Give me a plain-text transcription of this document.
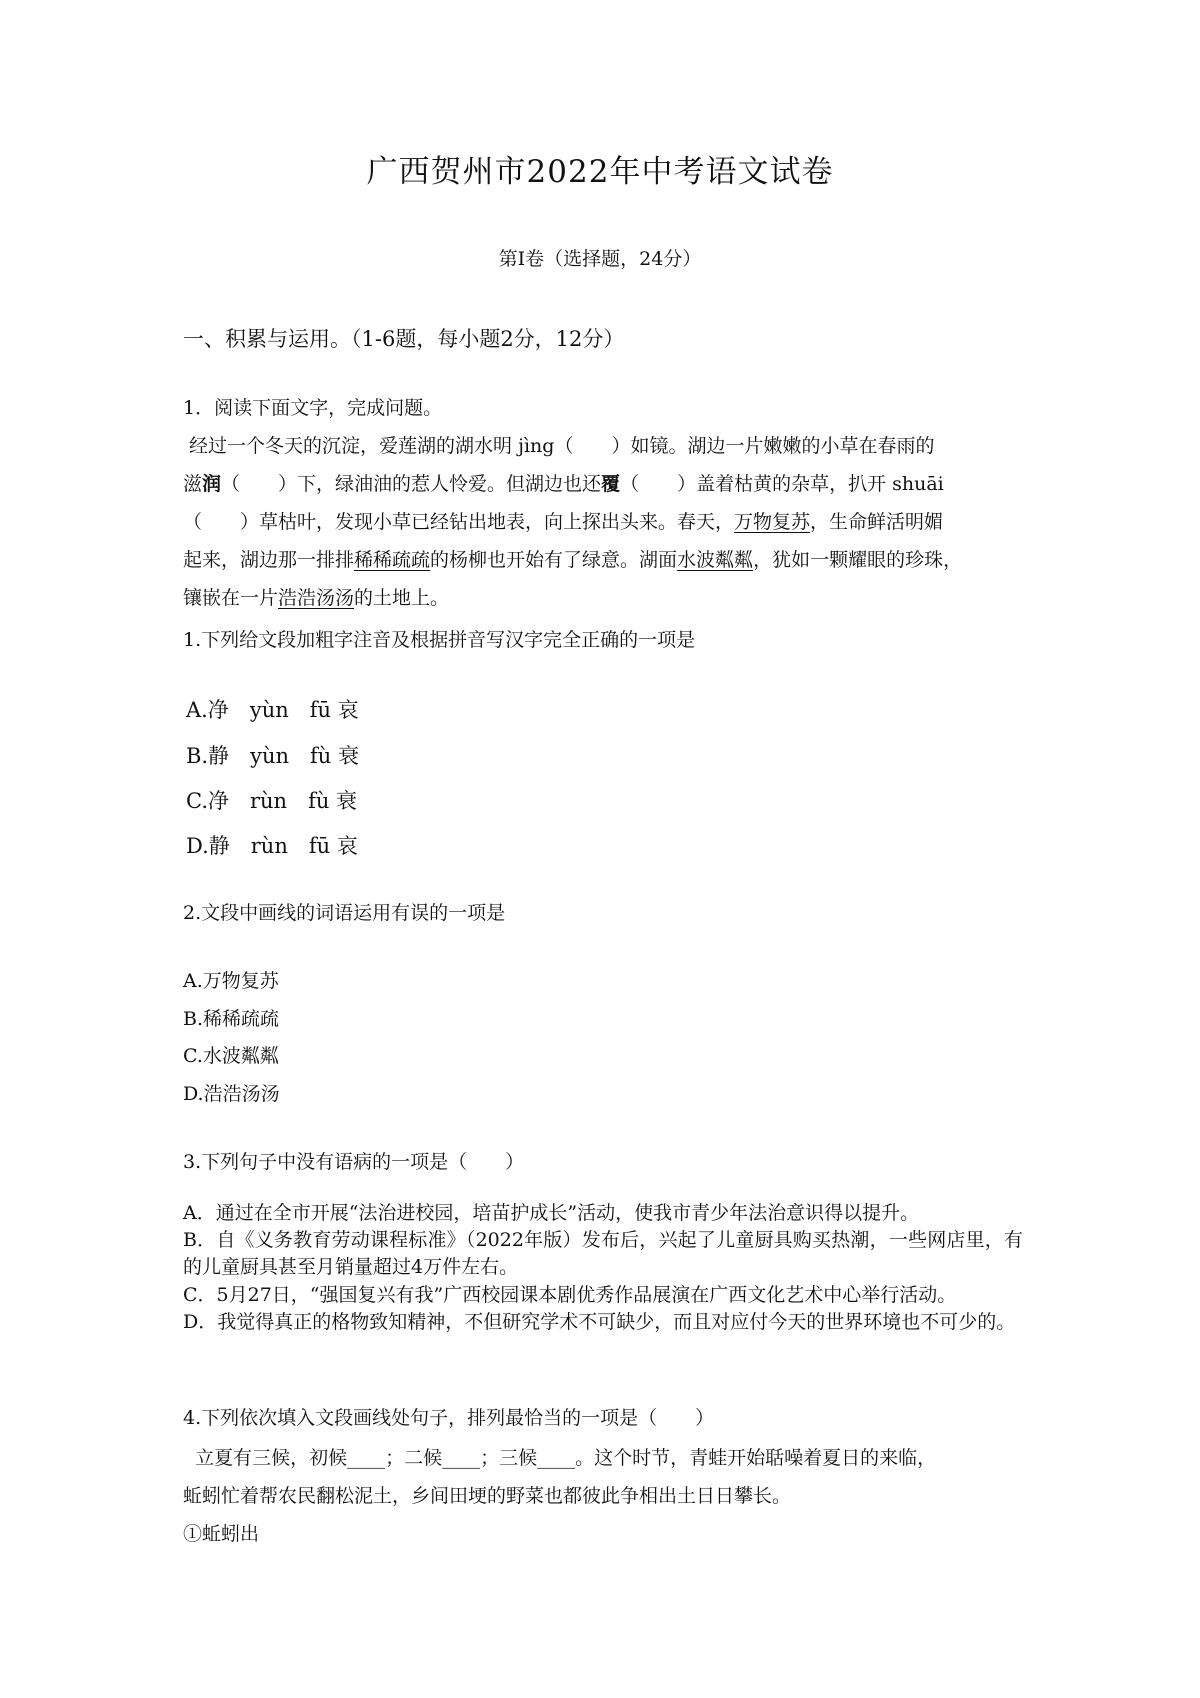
广西贺州市2022年中考语文试卷
第Ⅰ卷（选择题，24分）
一、积累与运用。（1-6题，每小题2分，12分）
1．阅读下面文字，完成问题。
经过一个冬天的沉淀，爱莲湖的湖水明 jìng（　　）如镜。湖边一片嫩嫩的小草在春雨的
滋润（　　）下，绿油油的惹人怜爱。但湖边也还覆（　　）盖着枯黄的杂草，扒开 shuāi
（　　）草枯叶，发现小草已经钻出地表，向上探出头来。春天，万物复苏，生命鲜活明媚
起来，湖边那一排排稀稀疏疏的杨柳也开始有了绿意。湖面水波粼粼，犹如一颗耀眼的珍珠，
镶嵌在一片浩浩汤汤的土地上。
1.下列给文段加粗字注音及根据拼音写汉字完全正确的一项是
A.净　yùn　fū 哀
B.静　yùn　fù 衰
C.净　rùn　fù 衰
D.静　rùn　fū 哀
2.文段中画线的词语运用有误的一项是
A.万物复苏
B.稀稀疏疏
C.水波粼粼
D.浩浩汤汤
3.下列句子中没有语病的一项是（　　）
A．通过在全市开展“法治进校园，培苗护成长”活动，使我市青少年法治意识得以提升。
B．自《义务教育劳动课程标准》（2022年版）发布后，兴起了儿童厨具购买热潮，一些网店里，有的儿童厨具甚至月销量超过4万件左右。
C．5月27日，“强国复兴有我”广西校园课本剧优秀作品展演在广西文化艺术中心举行活动。
D．我觉得真正的格物致知精神，不但研究学术不可缺少，而且对应付今天的世界环境也不可少的。
4.下列依次填入文段画线处句子，排列最恰当的一项是（　　）
立夏有三候，初候____；二候____；三候____。这个时节，青蛙开始聒噪着夏日的来临，
蚯蚓忙着帮农民翻松泥土，乡间田埂的野菜也都彼此争相出土日日攀长。
①蚯蚓出
